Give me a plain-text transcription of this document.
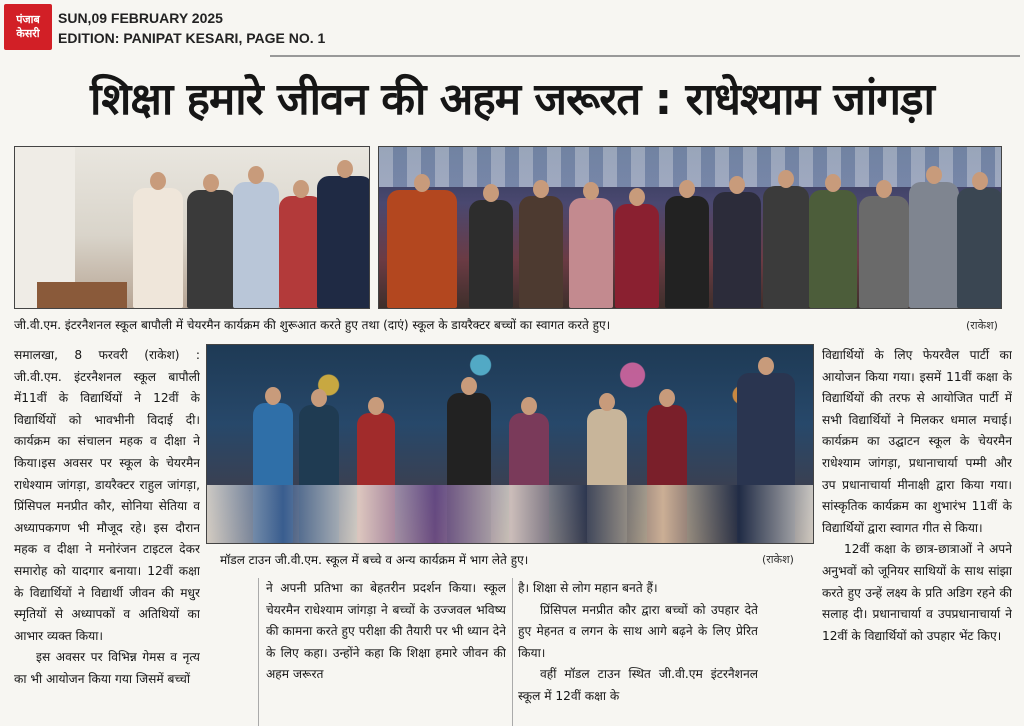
पंजाब
केसरी
SUN,09 FEBRUARY 2025
EDITION: PANIPAT KESARI, PAGE NO. 1
शिक्षा हमारे जीवन की अहम जरूरत : राधेश्याम जांगड़ा
जी.वी.एम. इंटरनैशनल स्कूल बापौली में चेयरमैन कार्यक्रम की शुरूआत करते हुए तथा (दाएं) स्कूल के डायरैक्टर बच्चों का स्वागत करते हुए।	(राकेश)
मॉडल टाउन जी.वी.एम. स्कूल में बच्चे व अन्य कार्यक्रम में भाग लेते हुए।	(राकेश)

समालखा, 8 फरवरी (राकेश) : जी.वी.एम. इंटरनैशनल स्कूल बापौली में11वीं के विद्यार्थियों ने 12वीं के विद्यार्थियों को भावभीनी विदाई दी। कार्यक्रम का संचालन महक व दीक्षा ने किया।इस अवसर पर स्कूल के चेयरमैन राधेश्याम जांगड़ा, डायरैक्टर राहुल जांगड़ा, प्रिंसिपल मनप्रीत कौर, सोनिया सेतिया व अध्यापकगण भी मौजूद रहे। इस दौरान महक व दीक्षा ने मनोरंजन टाइटल देकर समारोह को यादगार बनाया। 12वीं कक्षा के विद्यार्थियों ने विद्यार्थी जीवन की मधुर स्मृतियों से अध्यापकों व अतिथियों का आभार व्यक्त किया।

इस अवसर पर विभिन्न गेमस व नृत्य का भी आयोजन किया गया जिसमें बच्चों

ने अपनी प्रतिभा का बेहतरीन प्रदर्शन किया। स्कूल चेयरमैन राधेश्याम जांगड़ा ने बच्चों के उज्जवल भविष्य की कामना करते हुए परीक्षा की तैयारी पर भी ध्यान देने के लिए कहा। उन्होंने कहा कि शिक्षा हमारे जीवन की अहम जरूरत

है। शिक्षा से लोग महान बनते हैं।

प्रिंसिपल मनप्रीत कौर द्वारा बच्चों को उपहार देते हुए मेहनत व लगन के साथ आगे बढ़ने के लिए प्रेरित किया।

वहीं मॉडल टाउन स्थित जी.वी.एम इंटरनैशनल स्कूल में 12वीं कक्षा के

विद्यार्थियों के लिए फेयरवैल पार्टी का आयोजन किया गया। इसमें 11वीं कक्षा के विद्यार्थियों की तरफ से आयोजित पार्टी में सभी विद्यार्थियों ने मिलकर धमाल मचाई। कार्यक्रम का उद्घाटन स्कूल के चेयरमैन राधेश्याम जांगड़ा, प्रधानाचार्या पम्मी और उप प्रधानाचार्या मीनाक्षी द्वारा किया गया। सांस्कृतिक कार्यक्रम का शुभारंभ 11वीं के विद्यार्थियों द्वारा स्वागत गीत से किया।

12वीं कक्षा के छात्र-छात्राओं ने अपने अनुभवों को जूनियर साथियों के साथ सांझा करते हुए उन्हें लक्ष्य के प्रति अडिग रहने की सलाह दी। प्रधानाचार्या व उपप्रधानाचार्या ने 12वीं के विद्यार्थियों को उपहार भेंट किए।
